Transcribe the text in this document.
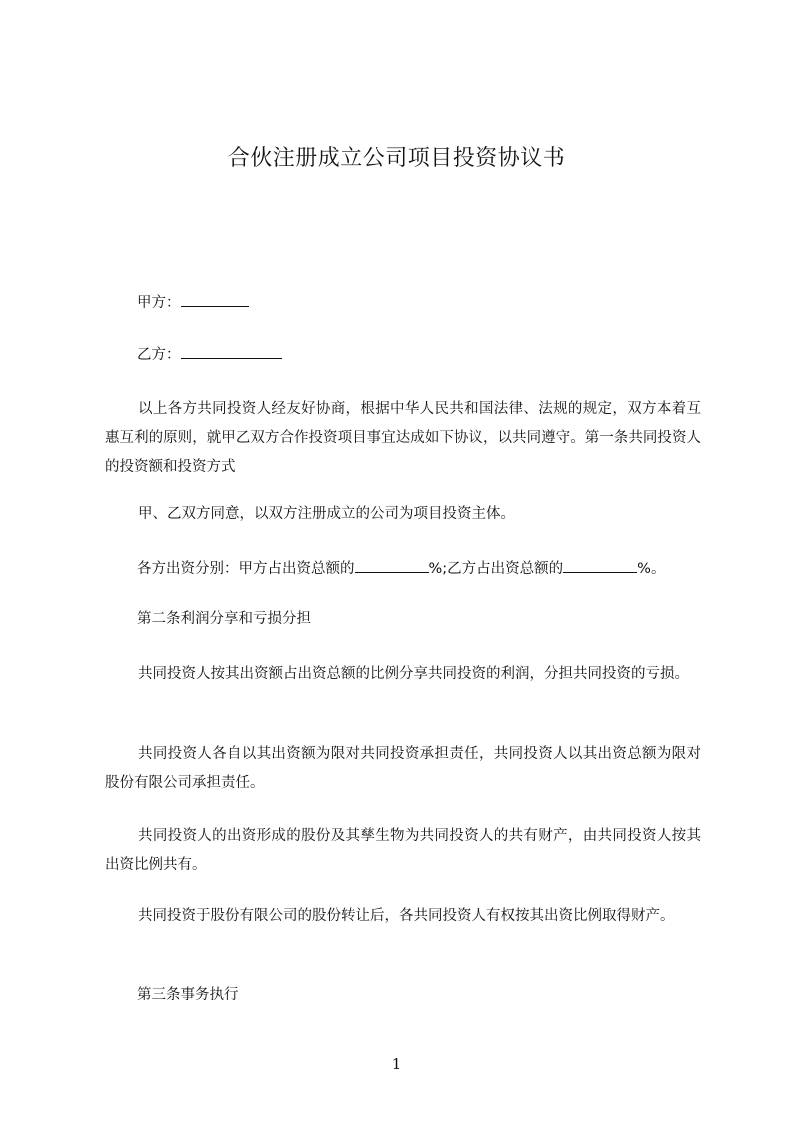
合伙注册成立公司项目投资协议书
甲方：
乙方：

以上各方共同投资人经友好协商，根据中华人民共和国法律、法规的规定，双方本着互惠互利的原则，就甲乙双方合作投资项目事宜达成如下协议，以共同遵守。第一条共同投资人的投资额和投资方式

甲、乙双方同意，以双方注册成立的公司为项目投资主体。

各方出资分别：甲方占出资总额的	%;乙方占出资总额的	%。
第二条利润分享和亏损分担

共同投资人按其出资额占出资总额的比例分享共同投资的利润，分担共同投资的亏损。

共同投资人各自以其出资额为限对共同投资承担责任，共同投资人以其出资总额为限对股份有限公司承担责任。

共同投资人的出资形成的股份及其孳生物为共同投资人的共有财产，由共同投资人按其出资比例共有。

共同投资于股份有限公司的股份转让后，各共同投资人有权按其出资比例取得财产。

第三条事务执行
1
